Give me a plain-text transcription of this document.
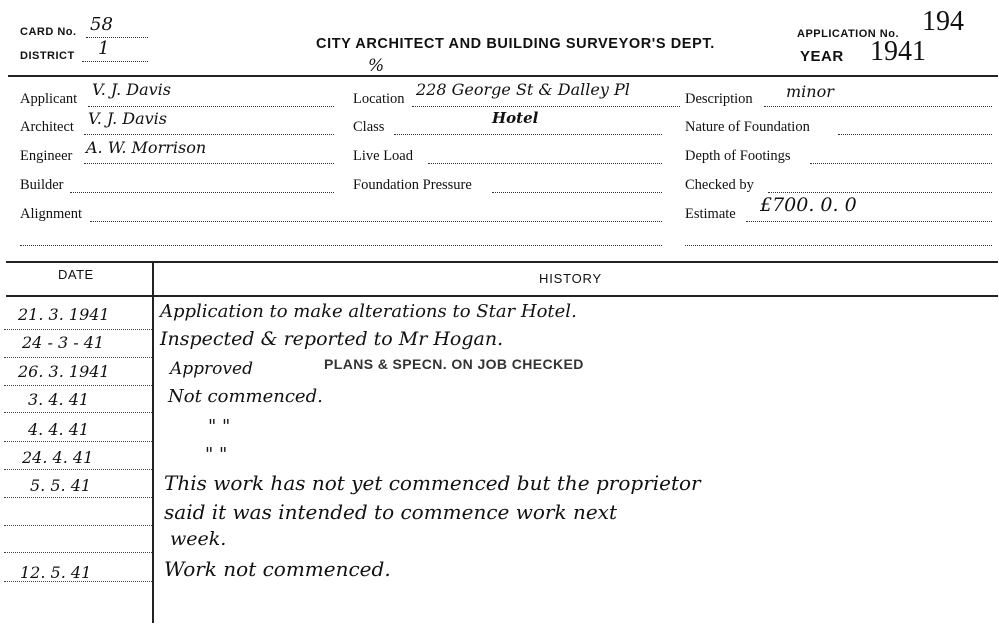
CARD No. 58
DISTRICT 1	CITY ARCHITECT AND BUILDING SURVEYOR'S DEPT.
%
APPLICATION No. 194
YEAR 1941
Applicant V. J. Davis
Architect V. J. Davis
Engineer A. W. Morrison
Builder
Alignment
Location 228 George St & Dalley Pl
Class	Hotel
Live Load
Foundation Pressure
Description minor
Nature of Foundation
Depth of Footings
Checked by
Estimate £700. 0. 0
DATE	HISTORY
21. 3. 1941	Application to make alterations to Star Hotel.
24 - 3 - 41	Inspected & reported to Mr Hogan.
26. 3. 1941	Approved	PLANS & SPECN. ON JOB CHECKED
3. 4. 41	Not commenced.
4. 4. 41	" "
24. 4. 41	" "
5. 5. 41	This work has not yet commenced but the proprietor
said it was intended to commence work next
week.
12. 5. 41	Work not commenced.
